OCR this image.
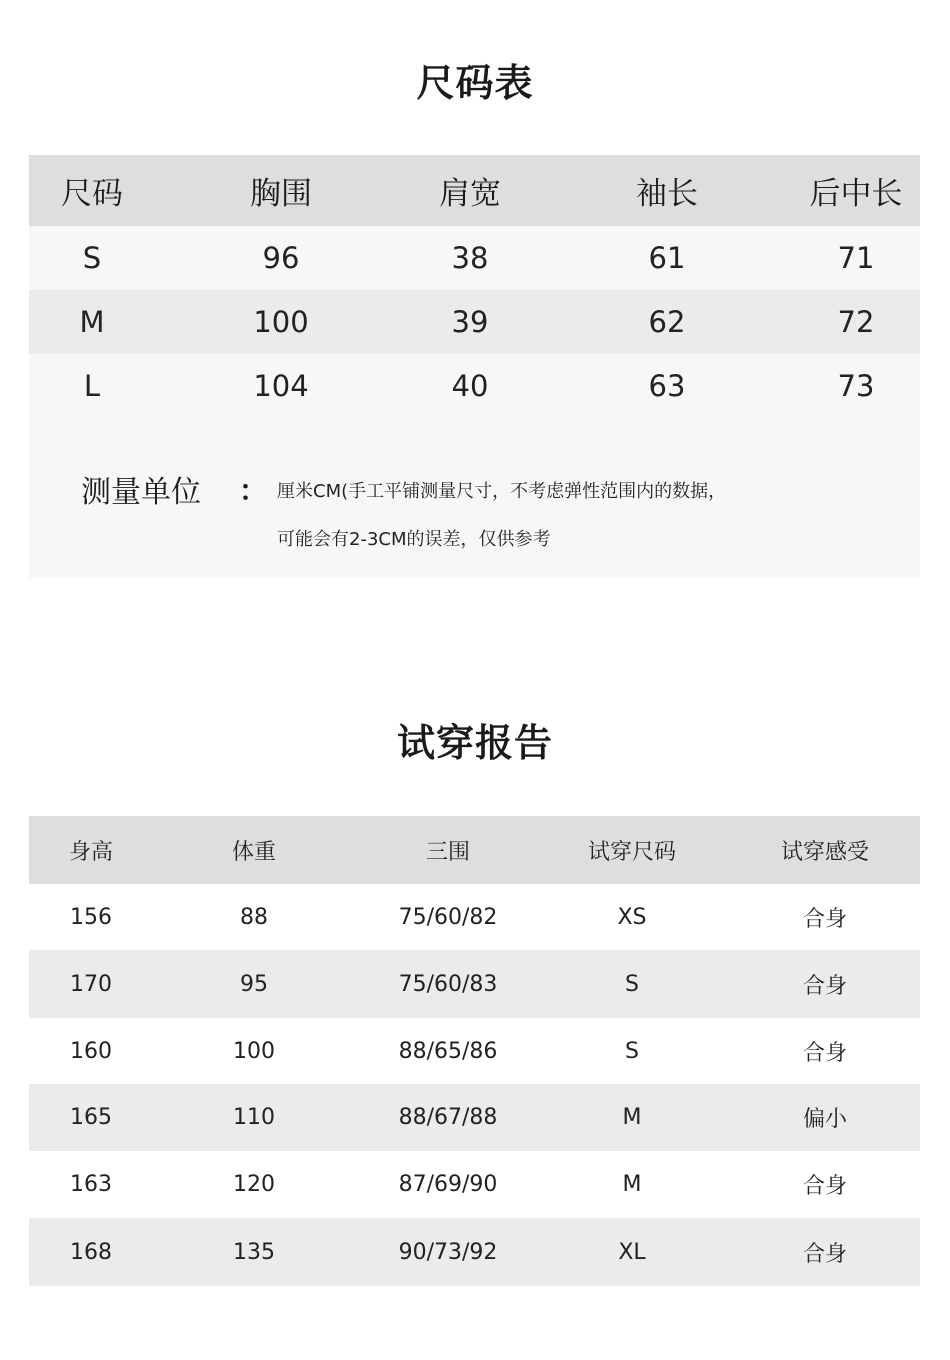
尺码表
尺码	胸围	肩宽	袖长	后中长
S	96	38	61	71
M	100	39	62	72
L	104	40	63	73
测量单位 ： 厘米CM(手工平铺测量尺寸，不考虑弹性范围内的数据，
可能会有2-3CM的误差，仅供参考
试穿报告
身高	体重	三围	试穿尺码	试穿感受
156	88	75/60/82	XS	合身
170	95	75/60/83	S	合身
160	100	88/65/86	S	合身
165	110	88/67/88	M	偏小
163	120	87/69/90	M	合身
168	135	90/73/92	XL	合身
